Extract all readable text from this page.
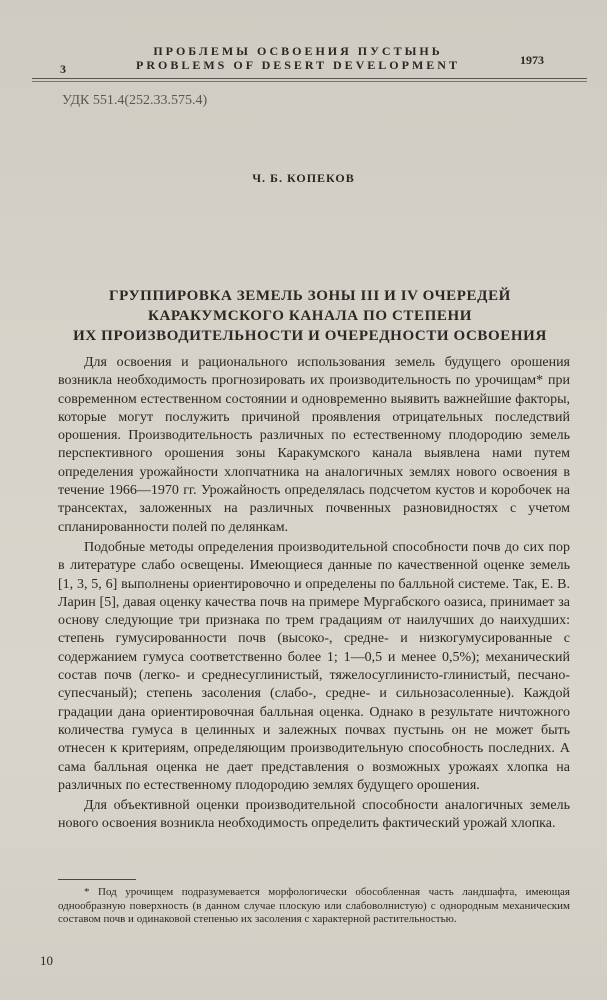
3
ПРОБЛЕМЫ ОСВОЕНИЯ ПУСТЫНЬ
PROBLEMS OF DESERT DEVELOPMENT	1973
УДК 551.4(252.33.575.4)
Ч. Б. КОПЕКОВ
ГРУППИРОВКА ЗЕМЕЛЬ ЗОНЫ III И IV ОЧЕРЕДЕЙ
КАРАКУМСКОГО КАНАЛА ПО СТЕПЕНИ
ИХ ПРОИЗВОДИТЕЛЬНОСТИ И ОЧЕРЕДНОСТИ ОСВОЕНИЯ

Для освоения и рационального использования земель будущего орошения возникла необходимость прогнозировать их производительность по урочищам* при современном естественном состоянии и одновременно выявить важнейшие факторы, которые могут послужить причиной проявления отрицательных последствий орошения. Производительность различных по естественному плодородию земель перспективного орошения зоны Каракумского канала выявлена нами путем определения урожайности хлопчатника на аналогичных землях нового освоения в течение 1966—1970 гг. Урожайность определялась подсчетом кустов и коробочек на трансектах, заложенных на различных почвенных разновидностях с учетом спланированности полей по делянкам.

Подобные методы определения производительной способности почв до сих пор в литературе слабо освещены. Имеющиеся данные по качественной оценке земель [1, 3, 5, 6] выполнены ориентировочно и определены по балльной системе. Так, Е. В. Ларин [5], давая оценку качества почв на примере Мургабского оазиса, принимает за основу следующие три признака по трем градациям от наилучших до наихудших: степень гумусированности почв (высоко-, средне- и низкогумусированные с содержанием гумуса соответственно более 1; 1—0,5 и менее 0,5%); механический состав почв (легко- и среднесуглинистый, тяжелосуглинисто-глинистый, песчано-супесчаный); степень засоления (слабо-, средне- и сильнозасоленные). Каждой градации дана ориентировочная балльная оценка. Однако в результате ничтожного количества гумуса в целинных и залежных почвах пустынь он не может быть отнесен к критериям, определяющим производительную способность последних. А сама балльная оценка не дает представления о возможных урожаях хлопка на различных по естественному плодородию землях будущего орошения.

Для объективной оценки производительной способности аналогичных земель нового освоения возникла необходимость определить фактический урожай хлопка.

* Под урочищем подразумевается морфологически обособленная часть ландшафта, имеющая однообразную поверхность (в данном случае плоскую или слабоволнистую) с однородным механическим составом почв и одинаковой степенью их засоления с характерной растительностью.
10
